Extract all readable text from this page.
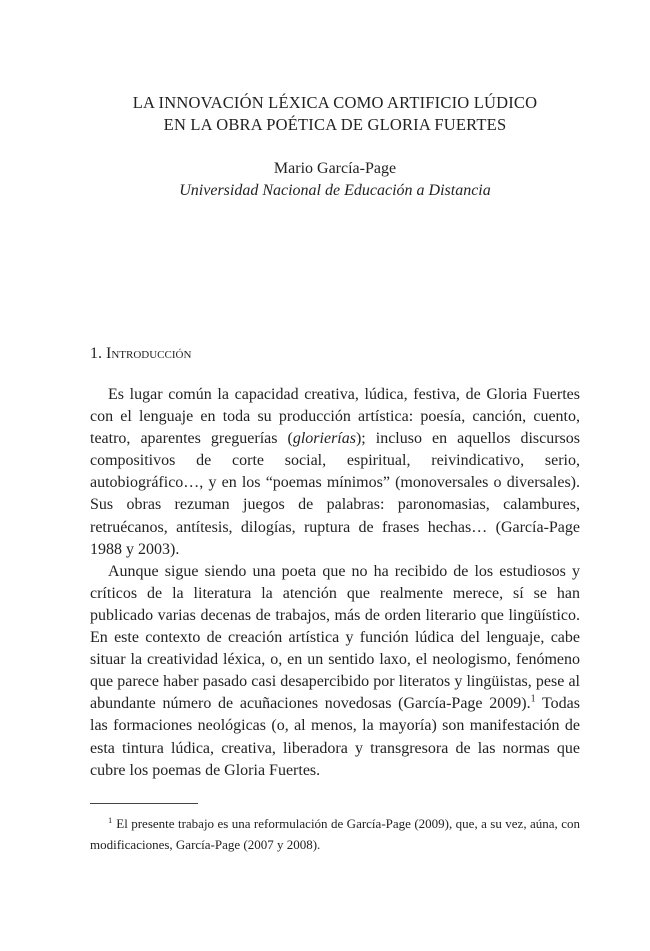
LA INNOVACIÓN LÉXICA COMO ARTIFICIO LÚDICO
EN LA OBRA POÉTICA DE GLORIA FUERTES
Mario García-Page
Universidad Nacional de Educación a Distancia
1. Introducción

Es lugar común la capacidad creativa, lúdica, festiva, de Gloria Fuertes con el lenguaje en toda su producción artística: poesía, canción, cuento, teatro, aparentes greguerías (glorierías); incluso en aquellos discursos compositivos de corte social, espiritual, reivindicativo, serio, autobiográfico…, y en los “poemas mínimos” (monoversales o diversales). Sus obras rezuman juegos de palabras: paronomasias, calambures, retruécanos, antítesis, dilogías, ruptura de frases hechas… (García-Page 1988 y 2003).

Aunque sigue siendo una poeta que no ha recibido de los estudiosos y críticos de la literatura la atención que realmente merece, sí se han publicado varias decenas de trabajos, más de orden literario que lingüístico. En este contexto de creación artística y función lúdica del lenguaje, cabe situar la creatividad léxica, o, en un sentido laxo, el neologismo, fenómeno que parece haber pasado casi desapercibido por literatos y lingüistas, pese al abundante número de acuñaciones novedosas (García-Page 2009).$^1$ Todas las formaciones neológicas (o, al menos, la mayoría) son manifestación de esta tintura lúdica, creativa, liberadora y transgresora de las normas que cubre los poemas de Gloria Fuertes.

$^1$ El presente trabajo es una reformulación de García-Page (2009), que, a su vez, aúna, con modificaciones, García-Page (2007 y 2008).
